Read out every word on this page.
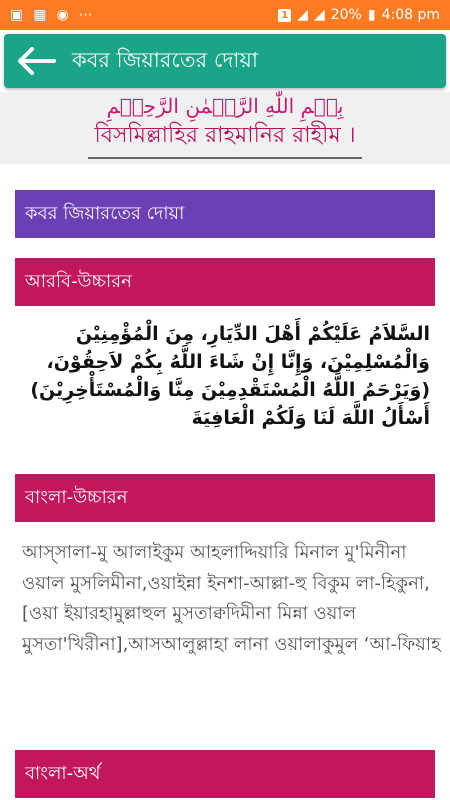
▣ ▦ ◉ ⋯	1 ◢ ◢ 20% ▮ 4:08 pm
কবর জিয়ারতের দোয়া
بِسۡمِ اللّٰهِ الرَّحۡمٰنِ الرَّحِیۡمِ
বিসমিল্লাহির রাহমানির রাহীম ।
কবর জিয়ারতের দোয়া
আরবি-উচ্চারন
السَّلاَمُ عَلَيْكُمْ أَهْلَ الدِّيَارِ، مِنَ الْمُؤْمِنِيْنَ وَالْمُسْلِمِيْنَ، وَإِنَّا إِنْ شَاءَ اللَّهُ بِكُمْ لاَحِقُوْنَ، (وَيَرْحَمُ اللَّهُ الْمُسْتَقْدِمِيْنَ مِنَّا وَالْمُسْتَأْخِرِيْنَ) أَسْأَلُ اللَّهَ لَنَا وَلَكُمْ الْعَافِيَةَ
বাংলা-উচ্চারন
আস্‌সালা-মু আলাইকুম আহলাদ্দিয়ারি মিনাল মু'মিনীনা ওয়াল মুসলিমীনা,ওয়াইন্না ইনশা-আল্লা-হু বিকুম লা-হিকুনা,[ওয়া ইয়ারহামুল্লাহুল মুসতাক্বদিমীনা মিন্না ওয়াল মুসতা'খিরীনা],আসআলুল্লাহা লানা ওয়ালাকুমুল ‘আ-ফিয়াহ
বাংলা-অর্থ
